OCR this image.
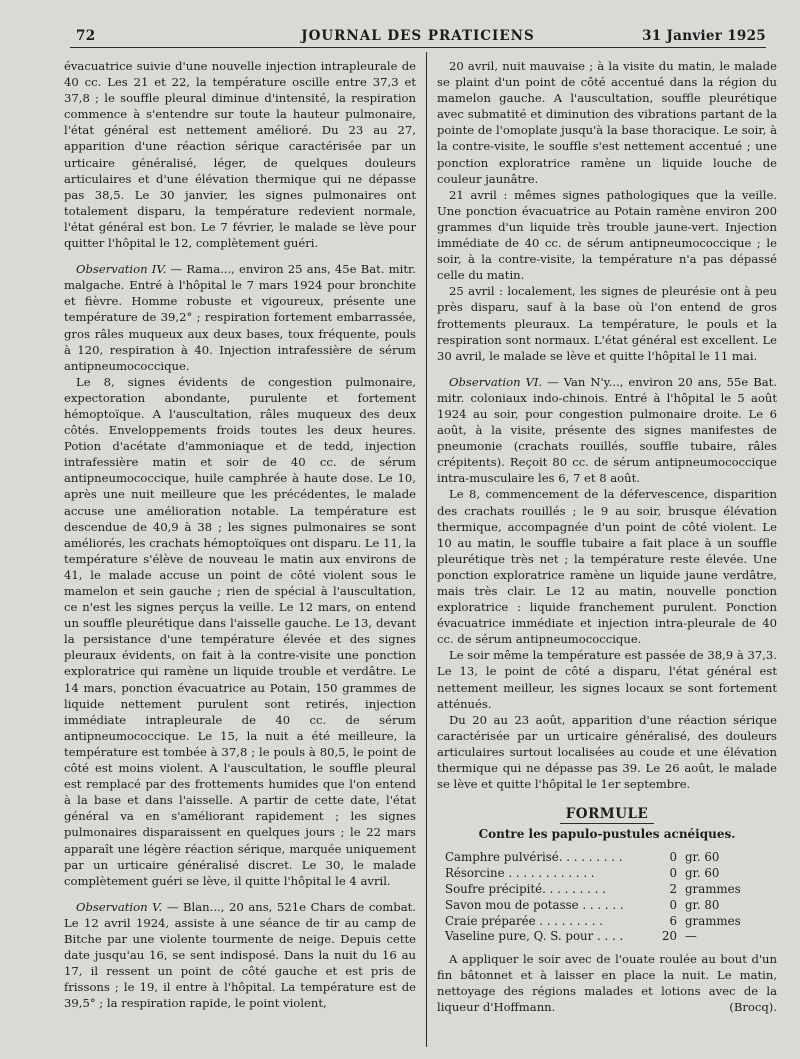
72	JOURNAL DES PRATICIENS	31 Janvier 1925

évacuatrice suivie d'une nouvelle injection intrapleurale de 40 cc. Les 21 et 22, la température oscille entre 37,3 et 37,8 ; le souffle pleural diminue d'intensité, la respiration commence à s'entendre sur toute la hauteur pulmonaire, l'état général est nettement amélioré. Du 23 au 27, apparition d'une réaction sérique caractérisée par un urticaire généralisé, léger, de quelques douleurs articulaires et d'une élévation thermique qui ne dépasse pas 38,5. Le 30 janvier, les signes pulmonaires ont totalement disparu, la température redevient normale, l'état général est bon. Le 7 février, le malade se lève pour quitter l'hôpital le 12, complètement guéri.

Observation IV. — Rama..., environ 25 ans, 45e Bat. mitr. malgache. Entré à l'hôpital le 7 mars 1924 pour bronchite et fièvre. Homme robuste et vigoureux, présente une température de 39,2° ; respiration fortement embarrassée, gros râles muqueux aux deux bases, toux fréquente, pouls à 120, respiration à 40. Injection intrafessière de sérum antipneumococcique.

Le 8, signes évidents de congestion pulmonaire, expectoration abondante, purulente et fortement hémoptoïque. A l'auscultation, râles muqueux des deux côtés. Enveloppements froids toutes les deux heures. Potion d'acétate d'ammoniaque et de tedd, injection intrafessière matin et soir de 40 cc. de sérum antipneumococcique, huile camphrée à haute dose. Le 10, après une nuit meilleure que les précédentes, le malade accuse une amélioration notable. La température est descendue de 40,9 à 38 ; les signes pulmonaires se sont améliorés, les crachats hémoptoïques ont disparu. Le 11, la température s'élève de nouveau le matin aux environs de 41, le malade accuse un point de côté violent sous le mamelon et sein gauche ; rien de spécial à l'auscultation, ce n'est les signes perçus la veille. Le 12 mars, on entend un souffle pleurétique dans l'aisselle gauche. Le 13, devant la persistance d'une température élevée et des signes pleuraux évidents, on fait à la contre-visite une ponction exploratrice qui ramène un liquide trouble et verdâtre. Le 14 mars, ponction évacuatrice au Potain, 150 grammes de liquide nettement purulent sont retirés, injection immédiate intrapleurale de 40 cc. de sérum antipneumococcique. Le 15, la nuit a été meilleure, la température est tombée à 37,8 ; le pouls à 80,5, le point de côté est moins violent. A l'auscultation, le souffle pleural est remplacé par des frottements humides que l'on entend à la base et dans l'aisselle. A partir de cette date, l'état général va en s'améliorant rapidement ; les signes pulmonaires disparaissent en quelques jours ; le 22 mars apparaît une légère réaction sérique, marquée uniquement par un urticaire généralisé discret. Le 30, le malade complètement guéri se lève, il quitte l'hôpital le 4 avril.

Observation V. — Blan..., 20 ans, 521e Chars de combat. Le 12 avril 1924, assiste à une séance de tir au camp de Bitche par une violente tourmente de neige. Depuis cette date jusqu'au 16, se sent indisposé. Dans la nuit du 16 au 17, il ressent un point de côté gauche et est pris de frissons ; le 19, il entre à l'hôpital. La température est de 39,5° ; la respiration rapide, le point violent,

20 avril, nuit mauvaise ; à la visite du matin, le malade se plaint d'un point de côté accentué dans la région du mamelon gauche. A l'auscultation, souffle pleurétique avec submatité et diminution des vibrations partant de la pointe de l'omoplate jusqu'à la base thoracique. Le soir, à la contre-visite, le souffle s'est nettement accentué ; une ponction exploratrice ramène un liquide louche de couleur jaunâtre.

21 avril : mêmes signes pathologiques que la veille. Une ponction évacuatrice au Potain ramène environ 200 grammes d'un liquide très trouble jaune-vert. Injection immédiate de 40 cc. de sérum antipneumococcique ; le soir, à la contre-visite, la température n'a pas dépassé celle du matin.

25 avril : localement, les signes de pleurésie ont à peu près disparu, sauf à la base où l'on entend de gros frottements pleuraux. La température, le pouls et la respiration sont normaux. L'état général est excellent. Le 30 avril, le malade se lève et quitte l'hôpital le 11 mai.

Observation VI. — Van N'y..., environ 20 ans, 55e Bat. mitr. coloniaux indo-chinois. Entré à l'hôpital le 5 août 1924 au soir, pour congestion pulmonaire droite. Le 6 août, à la visite, présente des signes manifestes de pneumonie (crachats rouillés, souffle tubaire, râles crépitents). Reçoit 80 cc. de sérum antipneumococcique intra-musculaire les 6, 7 et 8 août.

Le 8, commencement de la défervescence, disparition des crachats rouillés ; le 9 au soir, brusque élévation thermique, accompagnée d'un point de côté violent. Le 10 au matin, le souffle tubaire a fait place à un souffle pleurétique très net ; la température reste élevée. Une ponction exploratrice ramène un liquide jaune verdâtre, mais très clair. Le 12 au matin, nouvelle ponction exploratrice : liquide franchement purulent. Ponction évacuatrice immédiate et injection intra-pleurale de 40 cc. de sérum antipneumococcique.

Le soir même la température est passée de 38,9 à 37,3. Le 13, le point de côté a disparu, l'état général est nettement meilleur, les signes locaux se sont fortement atténués.

Du 20 au 23 août, apparition d'une réaction sérique caractérisée par un urticaire généralisé, des douleurs articulaires surtout localisées au coude et une élévation thermique qui ne dépasse pas 39. Le 26 août, le malade se lève et quitte l'hôpital le 1er septembre.

FORMULE
Contre les papulo-pustules acnéiques.
Camphre pulvérisé. . . . . . . . .	0	gr. 60
Résorcine . . . . . . . . . . . .	0	gr. 60
Soufre précipité. . . . . . . . .	2	grammes
Savon mou de potasse . . . . . .	0	gr. 80
Craie préparée . . . . . . . . .	6	grammes
Vaseline pure, Q. S. pour . . . .	20	—

A appliquer le soir avec de l'ouate roulée au bout d'un fin bâtonnet et à laisser en place la nuit. Le matin, nettoyage des régions malades et lotions avec de la liqueur d'Hoffmann.	(Brocq).
